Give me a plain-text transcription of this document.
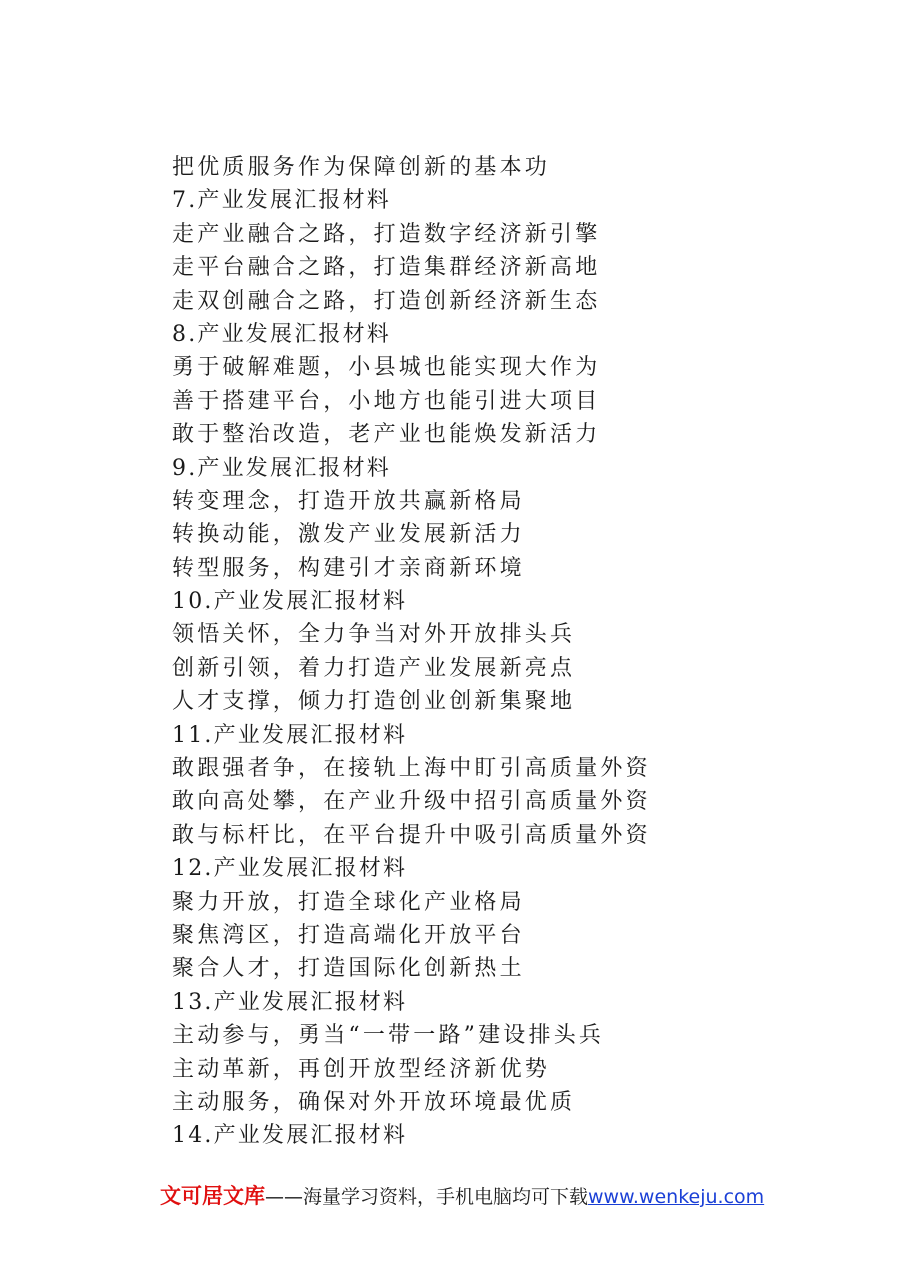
把优质服务作为保障创新的基本功
7.产业发展汇报材料
走产业融合之路，打造数字经济新引擎
走平台融合之路，打造集群经济新高地
走双创融合之路，打造创新经济新生态
8.产业发展汇报材料
勇于破解难题，小县城也能实现大作为
善于搭建平台，小地方也能引进大项目
敢于整治改造，老产业也能焕发新活力
9.产业发展汇报材料
转变理念，打造开放共赢新格局
转换动能，激发产业发展新活力
转型服务，构建引才亲商新环境
10.产业发展汇报材料
领悟关怀，全力争当对外开放排头兵
创新引领，着力打造产业发展新亮点
人才支撑，倾力打造创业创新集聚地
11.产业发展汇报材料
敢跟强者争，在接轨上海中盯引高质量外资
敢向高处攀，在产业升级中招引高质量外资
敢与标杆比，在平台提升中吸引高质量外资
12.产业发展汇报材料
聚力开放，打造全球化产业格局
聚焦湾区，打造高端化开放平台
聚合人才，打造国际化创新热土
13.产业发展汇报材料
主动参与，勇当“一带一路”建设排头兵
主动革新，再创开放型经济新优势
主动服务，确保对外开放环境最优质
14.产业发展汇报材料
文可居文库——海量学习资料，手机电脑均可下载www.wenkeju.com
